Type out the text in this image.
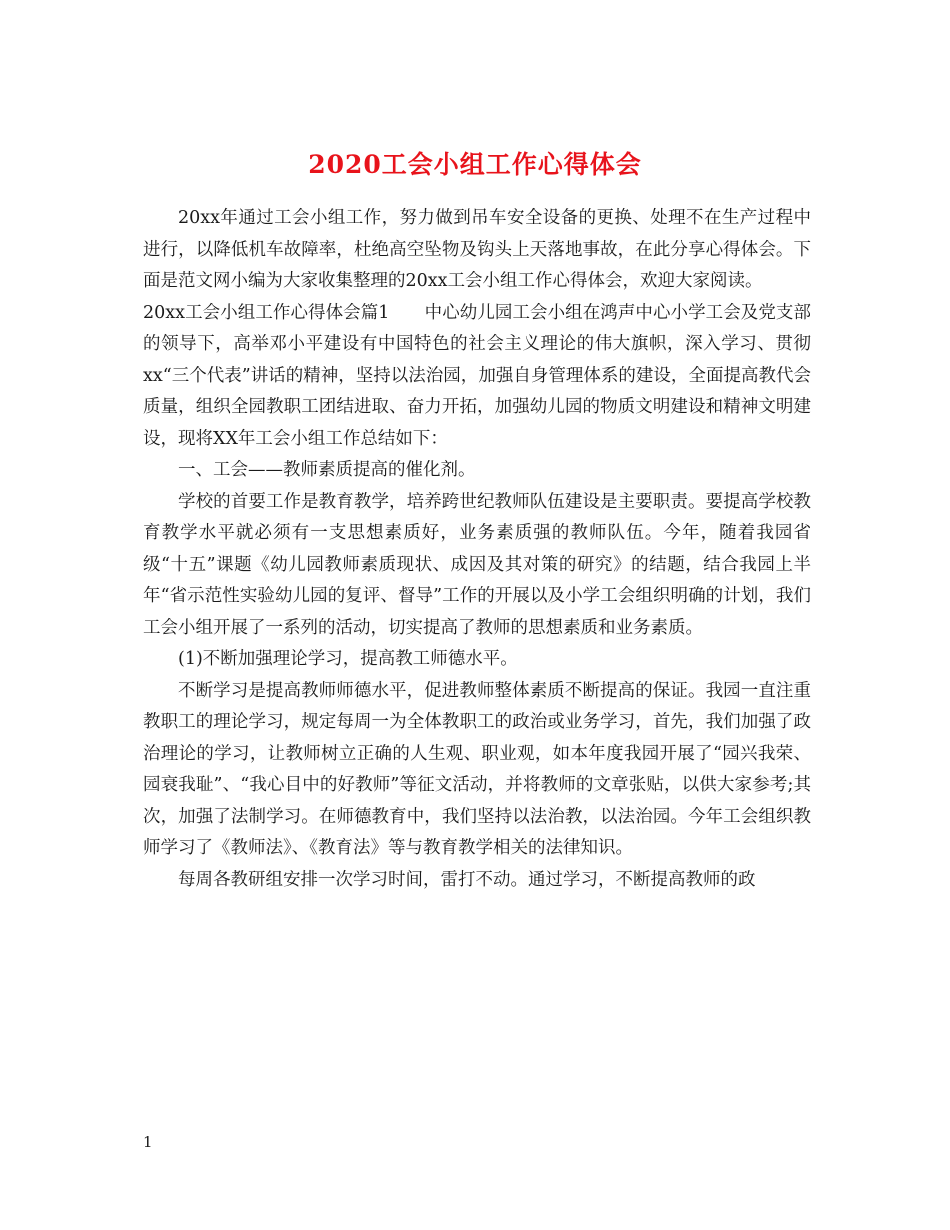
2020工会小组工作心得体会

20xx年通过工会小组工作，努力做到吊车安全设备的更换、处理不在生产过程中进行，以降低机车故障率，杜绝高空坠物及钩头上天落地事故，在此分享心得体会。下面是范文网小编为大家收集整理的20xx工会小组工作心得体会，欢迎大家阅读。

20xx工会小组工作心得体会篇1　　中心幼儿园工会小组在鸿声中心小学工会及党支部的领导下，高举邓小平建设有中国特色的社会主义理论的伟大旗帜，深入学习、贯彻xx“三个代表”讲话的精神，坚持以法治园，加强自身管理体系的建设，全面提高教代会质量，组织全园教职工团结进取、奋力开拓，加强幼儿园的物质文明建设和精神文明建设，现将XX年工会小组工作总结如下：

一、工会——教师素质提高的催化剂。

学校的首要工作是教育教学，培养跨世纪教师队伍建设是主要职责。要提高学校教育教学水平就必须有一支思想素质好，业务素质强的教师队伍。今年，随着我园省级“十五”课题《幼儿园教师素质现状、成因及其对策的研究》的结题，结合我园上半年“省示范性实验幼儿园的复评、督导”工作的开展以及小学工会组织明确的计划，我们工会小组开展了一系列的活动，切实提高了教师的思想素质和业务素质。

(1)不断加强理论学习，提高教工师德水平。

不断学习是提高教师师德水平，促进教师整体素质不断提高的保证。我园一直注重教职工的理论学习，规定每周一为全体教职工的政治或业务学习，首先，我们加强了政治理论的学习，让教师树立正确的人生观、职业观，如本年度我园开展了“园兴我荣、园衰我耻”、“我心目中的好教师”等征文活动，并将教师的文章张贴，以供大家参考;其次，加强了法制学习。在师德教育中，我们坚持以法治教，以法治园。今年工会组织教师学习了《教师法》、《教育法》等与教育教学相关的法律知识。

每周各教研组安排一次学习时间，雷打不动。通过学习，不断提高教师的政

1
